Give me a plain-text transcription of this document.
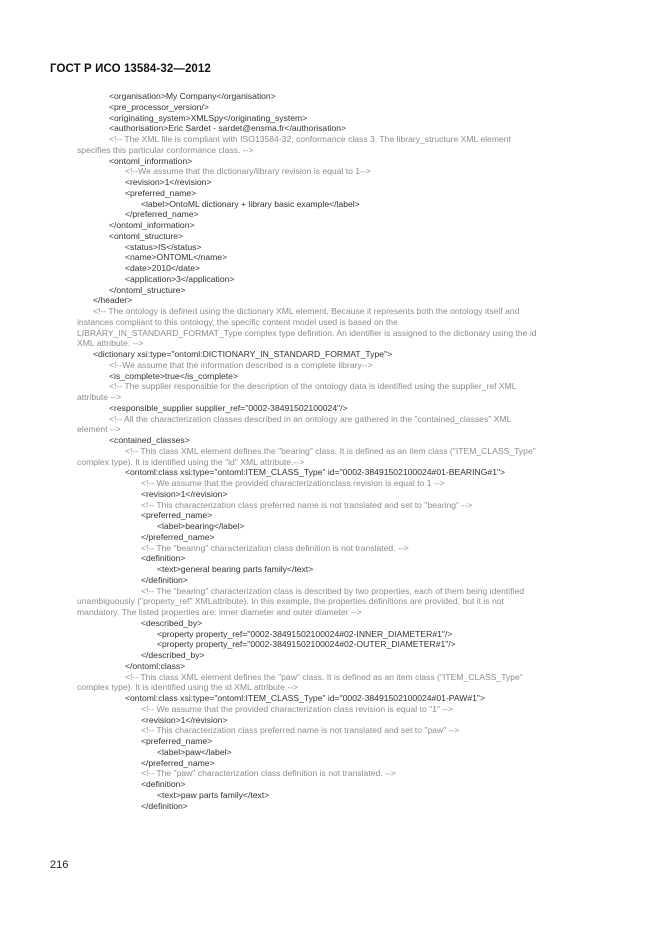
ГОСТ Р ИСО 13584-32—2012
<organisation>My Company</organisation>
<pre_processor_version/>
<originating_system>XMLSpy</originating_system>
<authorisation>Eric Sardet - sardet@ensma.fr</authorisation>
<!-- The XML file is compliant with ISO13584-32, conformance class 3. The library_structure XML element
specifies this particular conformance class. -->
<ontoml_information>
<!--We assume that the dictionary/library revision is equal to 1-->
<revision>1</revision>
<preferred_name>
<label>OntoML dictionary + library basic example</label>
</preferred_name>
</ontoml_information>
<ontoml_structure>
<status>IS</status>
<name>ONTOML</name>
<date>2010</date>
<application>3</application>
</ontoml_structure>
</header>
<!-- The ontology is defined using the dictionary XML element. Because it represents both the ontology itself and
instances compliant to this ontology, the specific content model used is based on the
LIBRARY_IN_STANDARD_FORMAT_Type complex type definition. An identifier is assigned to the dictionary using the id
XML attribute. -->
<dictionary xsi:type="ontoml:DICTIONARY_IN_STANDARD_FORMAT_Type">
<!--We assume that the information described is a complete library-->
<is_complete>true</is_complete>
<!-- The supplier responsible for the description of the ontology data is identified using the supplier_ref XML
attribute -->
<responsible_supplier supplier_ref="0002-38491502100024"/>
<!-- All the characterization classes described in an ontology are gathered in the "contained_classes" XML
element -->
<contained_classes>
<!-- This class XML element defines the "bearing" class. It is defined as an item class ("ITEM_CLASS_Type"
complex type). It is identified using the "id" XML attribute.-->
<ontoml:class xsi:type="ontoml:ITEM_CLASS_Type" id="0002-38491502100024#01-BEARING#1">
<!-- We assume that the provided characterizationclass revision is equal to 1 -->
<revision>1</revision>
<!-- This characterization class preferred name is not translated and set to "bearing" -->
<preferred_name>
<label>bearing</label>
</preferred_name>
<!-- The "bearing" characterization class definition is not translated. -->
<definition>
<text>general bearing parts family</text>
</definition>
<!-- The "bearing" characterization class is described by two properties, each of them being identified
unambiguously ("property_ref" XMLattribute). In this example, the properties definitions are provided, but it is not
mandatory. The listed properties are: inner diameter and outer diameter -->
<described_by>
<property property_ref="0002-38491502100024#02-INNER_DIAMETER#1"/>
<property property_ref="0002-38491502100024#02-OUTER_DIAMETER#1"/>
</described_by>
</ontoml:class>
<!-- This class XML element defines the "paw" class. It is defined as an item class ("ITEM_CLASS_Type"
complex type). It is identified using the id XML attribute.-->
<ontoml:class xsi:type="ontoml:ITEM_CLASS_Type" id="0002-38491502100024#01-PAW#1">
<!-- We assume that the provided characterization class revision is equal to "1" -->
<revision>1</revision>
<!-- This characterization class preferred name is not translated and set to "paw" -->
<preferred_name>
<label>paw</label>
</preferred_name>
<!-- The "paw" characterization class definition is not translated. -->
<definition>
<text>paw parts family</text>
</definition>
216
